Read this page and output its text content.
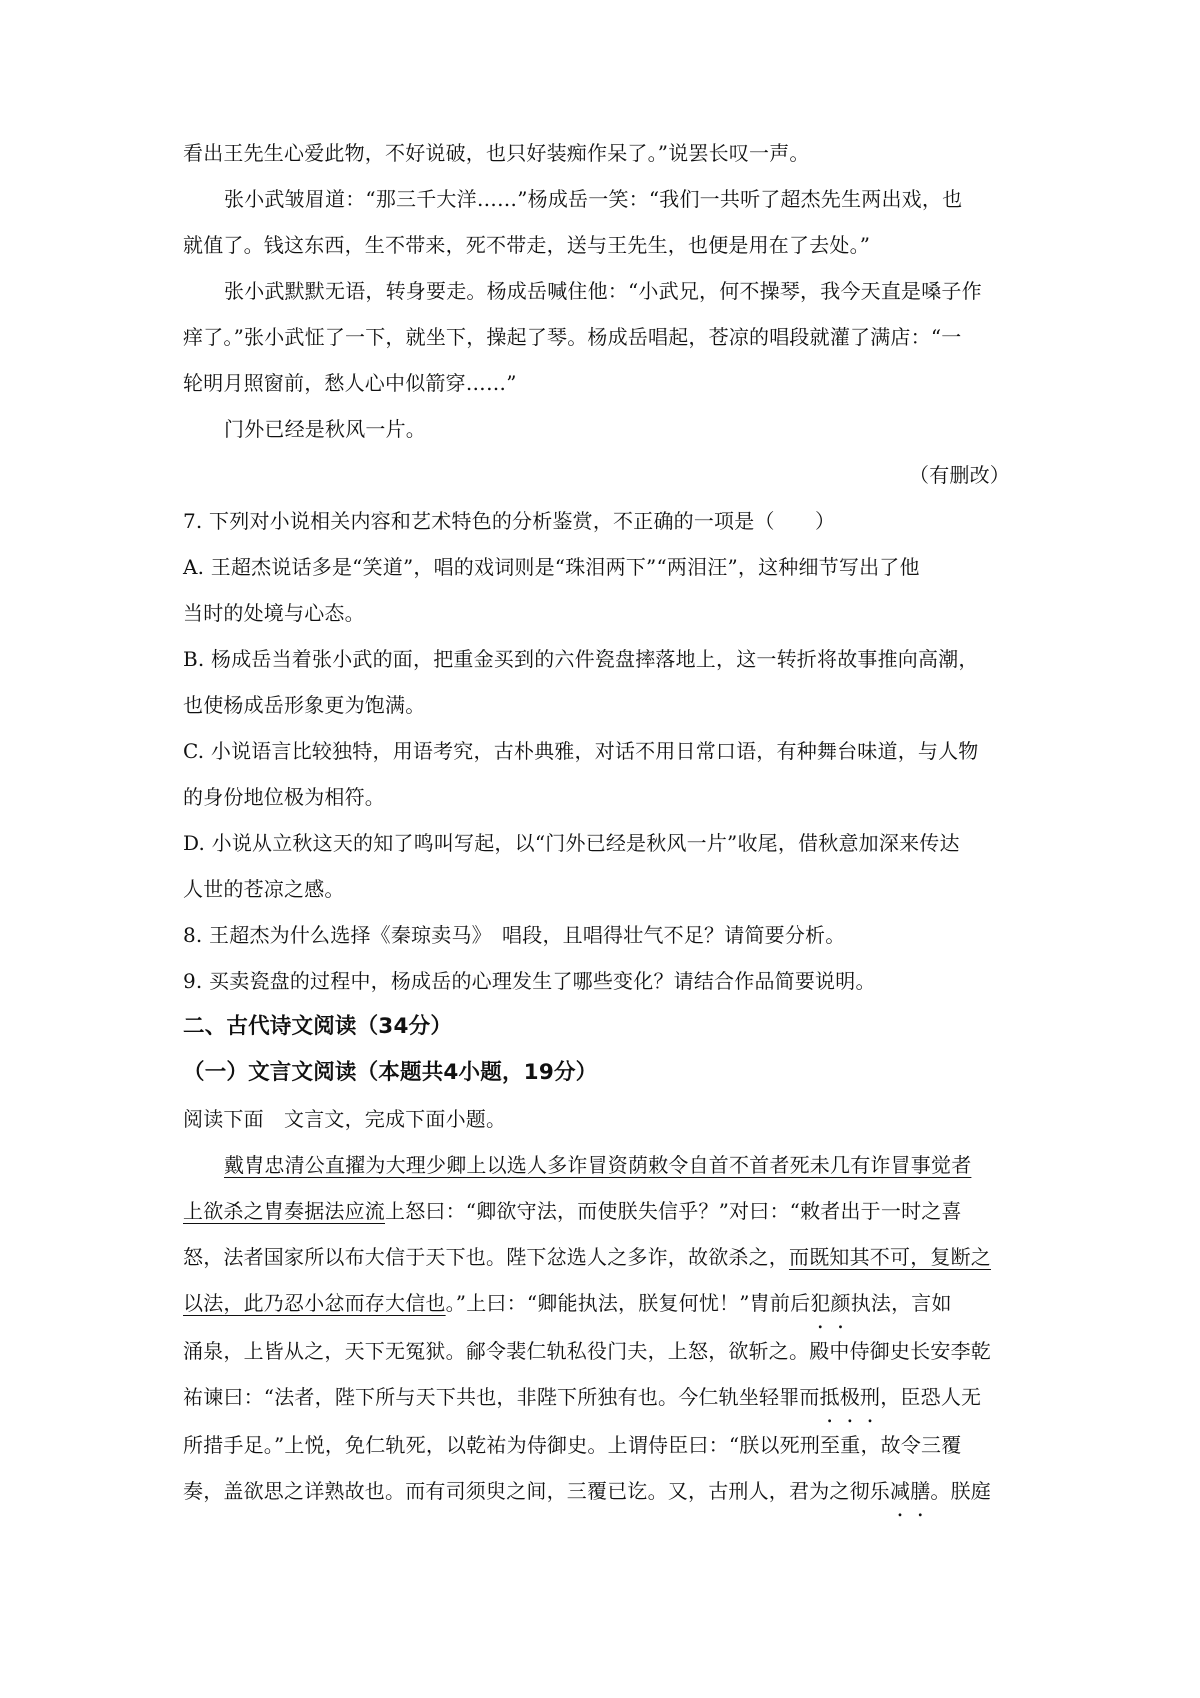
看出王先生心爱此物，不好说破，也只好装痴作呆了。”说罢长叹一声。
张小武皱眉道：“那三千大洋……”杨成岳一笑：“我们一共听了超杰先生两出戏，也
就值了。钱这东西，生不带来，死不带走，送与王先生，也便是用在了去处。”
张小武默默无语，转身要走。杨成岳喊住他：“小武兄，何不操琴，我今天直是嗓子作
痒了。”张小武怔了一下，就坐下，操起了琴。杨成岳唱起，苍凉的唱段就灌了满店：“一
轮明月照窗前，愁人心中似箭穿……”
门外已经是秋风一片。
（有删改）
7. 下列对小说相关内容和艺术特色的分析鉴赏，不正确的一项是（　　）
A. 王超杰说话多是“笑道”，唱的戏词则是“珠泪两下”“两泪汪”，这种细节写出了他
当时的处境与心态。
B. 杨成岳当着张小武的面，把重金买到的六件瓷盘摔落地上，这一转折将故事推向高潮，
也使杨成岳形象更为饱满。
C. 小说语言比较独特，用语考究，古朴典雅，对话不用日常口语，有种舞台味道，与人物
的身份地位极为相符。
D. 小说从立秋这天的知了鸣叫写起，以“门外已经是秋风一片”收尾，借秋意加深来传达
人世的苍凉之感。
8. 王超杰为什么选择《秦琼卖马》　唱段，且唱得壮气不足？请简要分析。
9. 买卖瓷盘的过程中，杨成岳的心理发生了哪些变化？请结合作品简要说明。
二、古代诗文阅读（34分）
（一）文言文阅读（本题共4小题，19分）
阅读下面　文言文，完成下面小题。
戴胄忠清公直擢为大理少卿上以选人多诈冒资荫敕令自首不首者死未几有诈冒事觉者
上欲杀之胄奏据法应流上怒曰：“卿欲守法，而使朕失信乎？”对曰：“敕者出于一时之喜
怒，法者国家所以布大信于天下也。陛下忿选人之多诈，故欲杀之，而既知其不可，复断之
以法，此乃忍小忿而存大信也。”上曰：“卿能执法，朕复何忧！”胄前后犯颜执法，言如
涌泉，上皆从之，天下无冤狱。鄃令裴仁轨私役门夫，上怒，欲斩之。殿中侍御史长安李乾
祐谏曰：“法者，陛下所与天下共也，非陛下所独有也。今仁轨坐轻罪而抵极刑，臣恐人无
所措手足。”上悦，免仁轨死，以乾祐为侍御史。上谓侍臣曰：“朕以死刑至重，故令三覆
奏，盖欲思之详熟故也。而有司须臾之间，三覆已讫。又，古刑人，君为之彻乐减膳。朕庭
